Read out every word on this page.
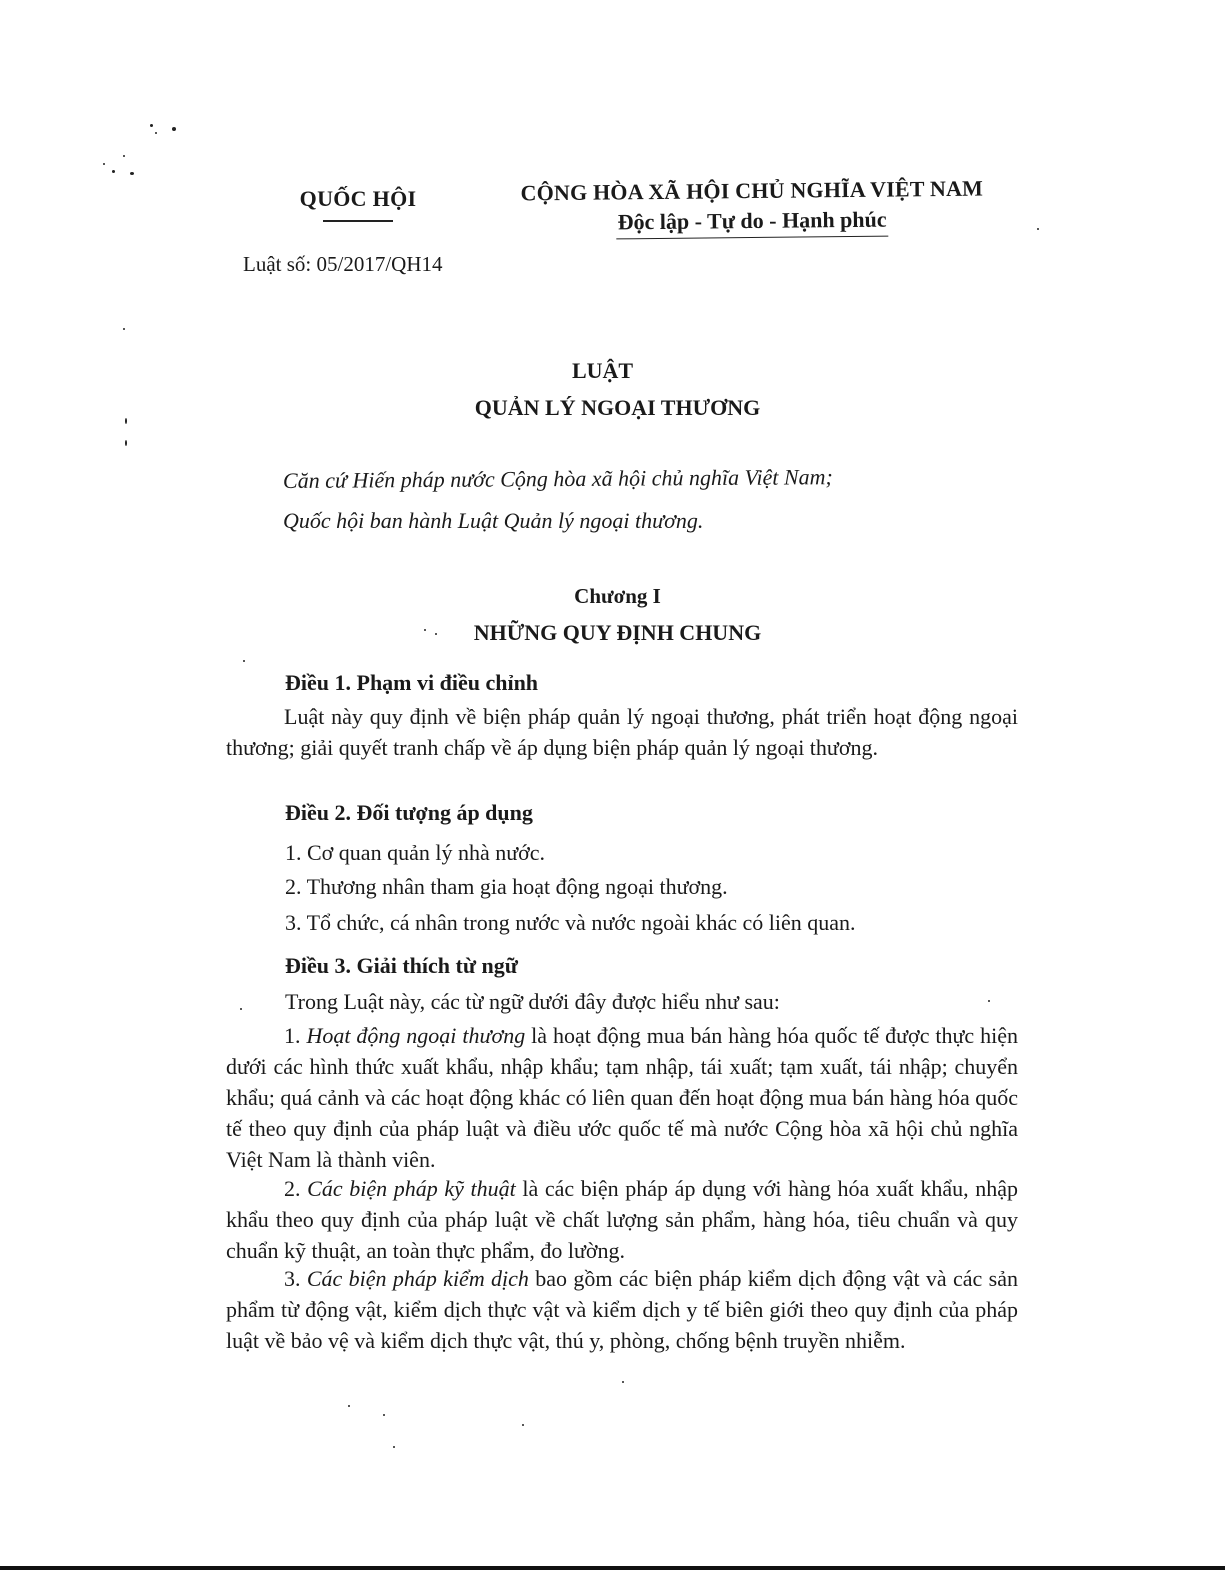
QUỐC HỘI	CỘNG HÒA XÃ HỘI CHỦ NGHĨA VIỆT NAM
Độc lập - Tự do - Hạnh phúc
Luật số: 05/2017/QH14
LUẬT
QUẢN LÝ NGOẠI THƯƠNG
Căn cứ Hiến pháp nước Cộng hòa xã hội chủ nghĩa Việt Nam;
Quốc hội ban hành Luật Quản lý ngoại thương.
Chương I
NHỮNG QUY ĐỊNH CHUNG
Điều 1. Phạm vi điều chỉnh

Luật này quy định về biện pháp quản lý ngoại thương, phát triển hoạt động ngoại thương; giải quyết tranh chấp về áp dụng biện pháp quản lý ngoại thương.

Điều 2. Đối tượng áp dụng
1. Cơ quan quản lý nhà nước.
2. Thương nhân tham gia hoạt động ngoại thương.
3. Tổ chức, cá nhân trong nước và nước ngoài khác có liên quan.
Điều 3. Giải thích từ ngữ
Trong Luật này, các từ ngữ dưới đây được hiểu như sau:

1. Hoạt động ngoại thương là hoạt động mua bán hàng hóa quốc tế được thực hiện dưới các hình thức xuất khẩu, nhập khẩu; tạm nhập, tái xuất; tạm xuất, tái nhập; chuyển khẩu; quá cảnh và các hoạt động khác có liên quan đến hoạt động mua bán hàng hóa quốc tế theo quy định của pháp luật và điều ước quốc tế mà nước Cộng hòa xã hội chủ nghĩa Việt Nam là thành viên.

2. Các biện pháp kỹ thuật là các biện pháp áp dụng với hàng hóa xuất khẩu, nhập khẩu theo quy định của pháp luật về chất lượng sản phẩm, hàng hóa, tiêu chuẩn và quy chuẩn kỹ thuật, an toàn thực phẩm, đo lường.

3. Các biện pháp kiểm dịch bao gồm các biện pháp kiểm dịch động vật và các sản phẩm từ động vật, kiểm dịch thực vật và kiểm dịch y tế biên giới theo quy định của pháp luật về bảo vệ và kiểm dịch thực vật, thú y, phòng, chống bệnh truyền nhiễm.
